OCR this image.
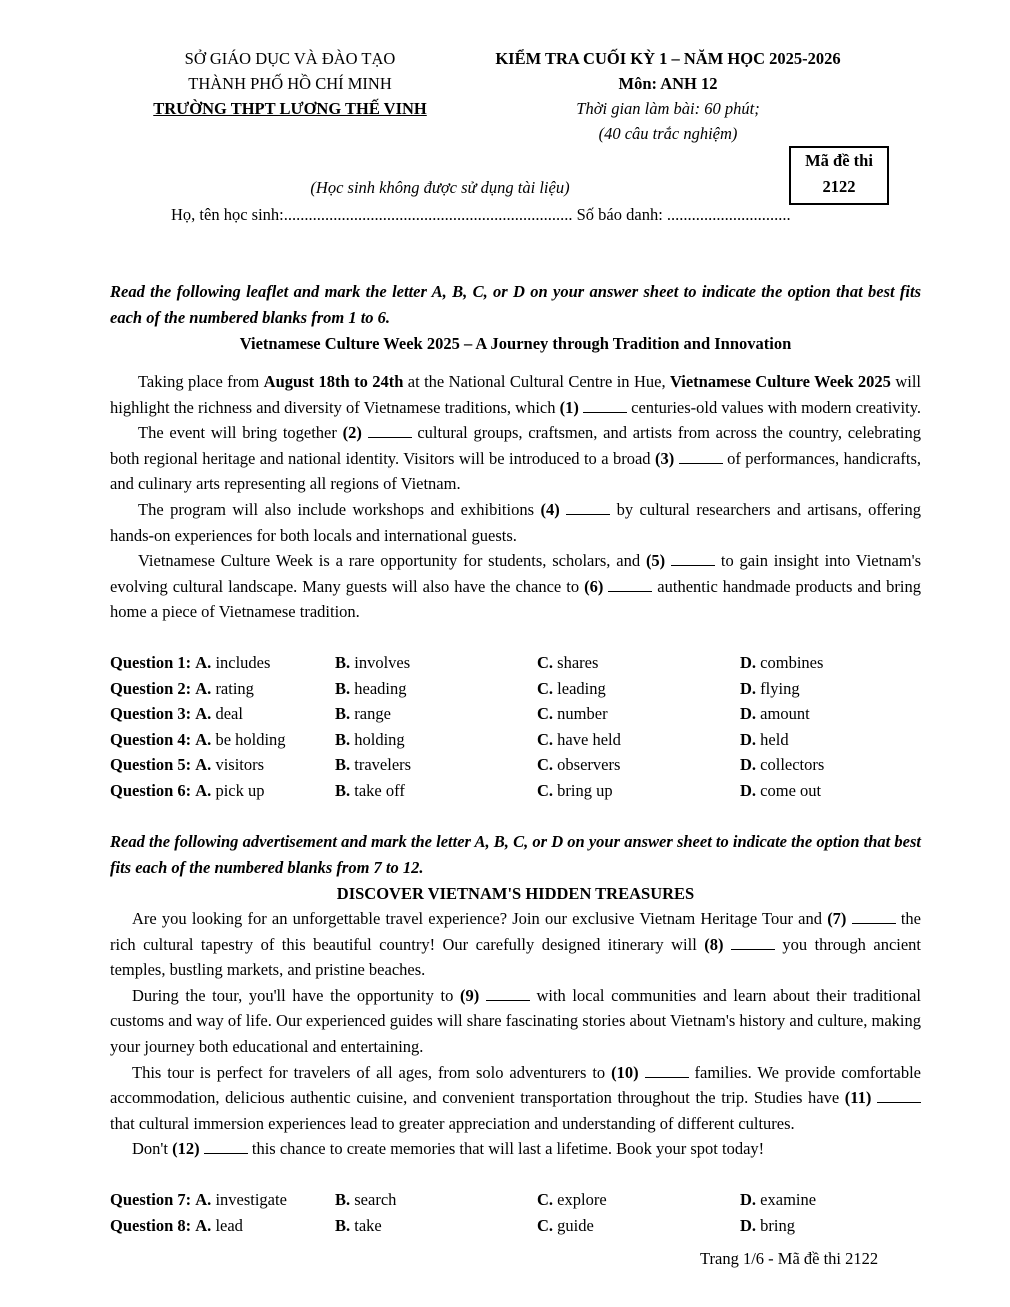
SỞ GIÁO DỤC VÀ ĐÀO TẠO
THÀNH PHỐ HỒ CHÍ MINH
TRƯỜNG THPT LƯƠNG THẾ VINH
KIỂM TRA CUỐI KỲ 1 – NĂM HỌC 2025-2026
Môn: ANH 12
Thời gian làm bài: 60 phút;
(40 câu trắc nghiệm)
Mã đề thi
2122
(Học sinh không được sử dụng tài liệu)
Họ, tên học sinh:...................................................................... Số báo danh: ..............................
Read the following leaflet and mark the letter A, B, C, or D on your answer sheet to indicate the option that best fits each of the numbered blanks from 1 to 6.
Vietnamese Culture Week 2025 – A Journey through Tradition and Innovation

Taking place from August 18th to 24th at the National Cultural Centre in Hue, Vietnamese Culture Week 2025 will highlight the richness and diversity of Vietnamese traditions, which (1)	centuries-old values with modern creativity.

The event will bring together (2)	cultural groups, craftsmen, and artists from across the country, celebrating both regional heritage and national identity. Visitors will be introduced to a broad (3)	of performances, handicrafts, and culinary arts representing all regions of Vietnam.

The program will also include workshops and exhibitions (4)	by cultural researchers and artisans, offering hands-on experiences for both locals and international guests.

Vietnamese Culture Week is a rare opportunity for students, scholars, and (5)	to gain insight into Vietnam's evolving cultural landscape. Many guests will also have the chance to (6)	authentic handmade products and bring home a piece of Vietnamese tradition.

Question 1: A. includes	B. involves	C. shares	D. combines
Question 2: A. rating	B. heading	C. leading	D. flying
Question 3: A. deal	B. range	C. number	D. amount
Question 4: A. be holding	B. holding	C. have held	D. held
Question 5: A. visitors	B. travelers	C. observers	D. collectors
Question 6: A. pick up	B. take off	C. bring up	D. come out
Read the following advertisement and mark the letter A, B, C, or D on your answer sheet to indicate the option that best fits each of the numbered blanks from 7 to 12.
DISCOVER VIETNAM'S HIDDEN TREASURES

Are you looking for an unforgettable travel experience? Join our exclusive Vietnam Heritage Tour and (7)	the rich cultural tapestry of this beautiful country! Our carefully designed itinerary will (8)	you through ancient temples, bustling markets, and pristine beaches.

During the tour, you'll have the opportunity to (9)	with local communities and learn about their traditional customs and way of life. Our experienced guides will share fascinating stories about Vietnam's history and culture, making your journey both educational and entertaining.

This tour is perfect for travelers of all ages, from solo adventurers to (10)	families. We provide comfortable accommodation, delicious authentic cuisine, and convenient transportation throughout the trip. Studies have (11)  that cultural immersion experiences lead to greater appreciation and understanding of different cultures.

Don't (12)	this chance to create memories that will last a lifetime. Book your spot today!

Question 7: A. investigate	B. search	C. explore	D. examine
Question 8: A. lead	B. take	C. guide	D. bring
Trang 1/6 - Mã đề thi 2122
